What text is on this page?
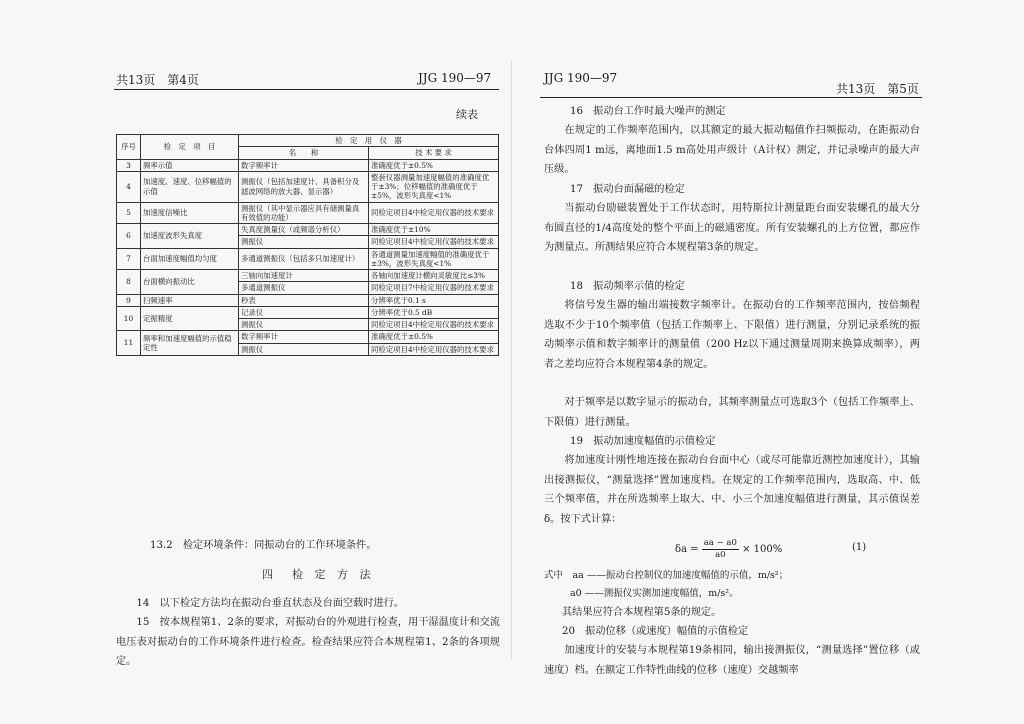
共13页　第4页	JJG 190—97
续表
序号	检　定　项　目	检　定　用　仪　器	
		名　　称	技 术 要 求
3	频率示值	数字频率计	准确度优于±0.5%
4	加速度、速度、位移幅值的示值	测振仪（包括加速度计、具备积分及滤波网络的放大器、显示器）	整套仪器测量加速度幅值的准确度优于±3%；位移幅值的准确度优于±5%，波形失真度<1%
5	加速度信噪比	测振仪（其中显示器应具有储测量真有效值的功能）	同检定项目4中检定用仪器的技术要求
6	加速度波形失真度	失真度测量仪（或频谱分析仪）	准确度优于±10%
		测振仪	同检定项目4中检定用仪器的技术要求
7	台面加速度幅值均匀度	多通道测振仪（包括多只加速度计）	各通道测量加速度幅值的准确度优于±3%，波形失真度<1%
8	台面横向振动比	三轴向加速度计	各轴向加速度计横向灵敏度比≤3%
		多通道测振仪	同检定项目7中检定用仪器的技术要求
9	扫频速率	秒表	分辨率优于0.1 s
10	定振精度	记录仪	分辨率优于0.5 dB
		测振仪	同检定项目4中检定用仪器的技术要求
11	频率和加速度幅值的示值稳定性	数字频率计	准确度优于±0.5%
		测振仪	同检定项目4中检定用仪器的技术要求
13.2　检定环境条件：同振动台的工作环境条件。
四　检 定 方 法
14　以下检定方法均在振动台垂直状态及台面空载时进行。
15　按本规程第1、2条的要求，对振动台的外观进行检查，用干湿温度计和交流电压表对振动台的工作环境条件进行检查。检查结果应符合本规程第1、2条的各项规定。
JJG 190—97
共13页　第5页
16　振动台工作时最大噪声的测定
在规定的工作频率范围内，以其额定的最大振动幅值作扫频振动，在距振动台台体四周1 m远，离地面1.5 m高处用声级计（A计权）测定，并记录噪声的最大声压级。
17　振动台面漏磁的检定
当振动台励磁装置处于工作状态时，用特斯拉计测量距台面安装螺孔的最大分布圆直径的1/4高度处的整个平面上的磁通密度。所有安装螺孔的上方位置，都应作为测量点。所测结果应符合本规程第3条的规定。
18　振动频率示值的检定
将信号发生器的输出端接数字频率计。在振动台的工作频率范围内，按倍频程选取不少于10个频率值（包括工作频率上、下限值）进行测量，分别记录系统的振动频率示值和数字频率计的测量值（200 Hz以下通过测量周期来换算成频率），两者之差均应符合本规程第4条的规定。
对于频率是以数字显示的振动台，其频率测量点可选取3个（包括工作频率上、下限值）进行测量。
19　振动加速度幅值的示值检定
将加速度计刚性地连接在振动台台面中心（或尽可能靠近测控加速度计），其输出接测振仪，“测量选择”置加速度档。在规定的工作频率范围内，选取高、中、低三个频率值，并在所选频率上取大、中、小三个加速度幅值进行测量，其示值误差δ。按下式计算：
$\delta a = \frac{aa - a0}{a0} \times 100\%$	(1)
式中　aa ——振动台控制仪的加速度幅值的示值，m/s²；
a0 ——测振仪实测加速度幅值，m/s²。
其结果应符合本规程第5条的规定。
20　振动位移（或速度）幅值的示值检定
加速度计的安装与本规程第19条相同，输出接测振仪，“测量选择”置位移（或速度）档。在额定工作特性曲线的位移（速度）交越频率
